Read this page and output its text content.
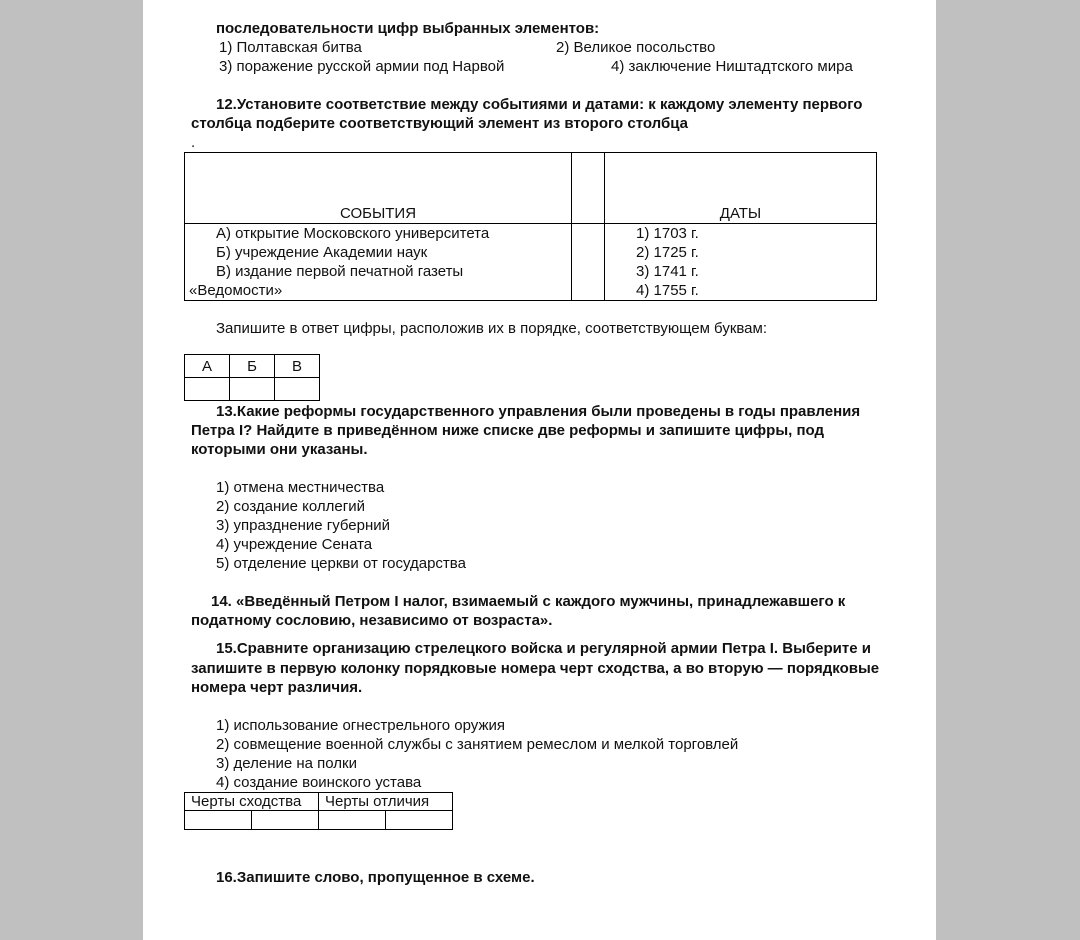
последовательности цифр выбранных элементов:
1) Полтавская битва	2) Великое посольство
3) поражение русской армии под Нарвой	4) заключение Ништадтского мира
12.Установите соответствие между событиями и датами: к каждому элементу первого
столбца подберите соответствующий элемент из второго столбца
.
СОБЫТИЯ		ДАТЫ

А) открытие Московского университета
Б) учреждение Академии наук
В) издание первой печатной газеты
«Ведомости»

1) 1703 г.
2) 1725 г.
3) 1741 г.
4) 1755 г.
Запишите в ответ цифры, расположив их в порядке, соответствующем буквам:
А	Б	В

13.Какие реформы государственного управления были проведены в годы правления
Петра I? Найдите в приведённом ниже списке две реформы и запишите цифры, под
которыми они указаны.
1) отмена местничества
2) создание коллегий
3) упразднение губерний
4) учреждение Сената
5) отделение церкви от государства
14. «Введённый Петром I налог, взимаемый с каждого мужчины, принадлежавшего к
податному сословию, независимо от возраста».
15.Сравните организацию стрелецкого войска и регулярной армии Петра I. Выберите и
запишите в первую колонку порядковые номера черт сходства, а во вторую — порядковые
номера черт различия.
1) использование огнестрельного оружия
2) совмещение военной службы с занятием ремеслом и мелкой торговлей
3) деление на полки
4) создание воинского устава
Черты сходства		Черты отличия	

16.Запишите слово, пропущенное в схеме.
